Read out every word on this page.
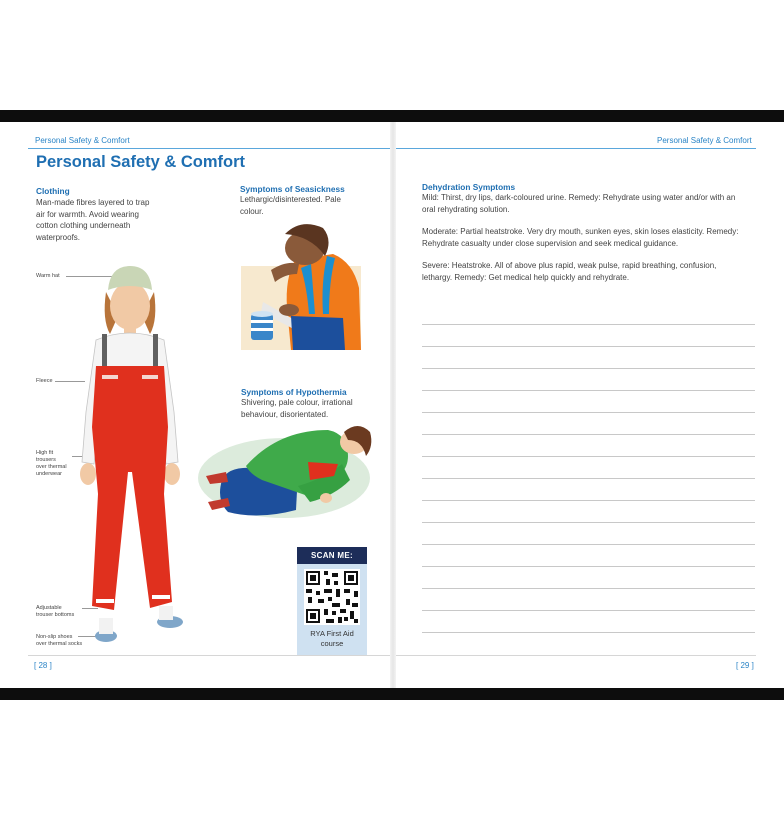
Personal Safety & Comfort
Personal Safety & Comfort
Clothing
Man-made fibres layered to trap
air for warmth. Avoid wearing
cotton clothing underneath
waterproofs.
Warm hat
Fleece
High fit
trousers
over thermal
underwear
Adjustable
trouser bottoms
Non-slip shoes
over thermal socks
Symptoms of Seasickness
Lethargic/disinterested. Pale
colour.
Symptoms of Hypothermia
Shivering, pale colour, irrational
behaviour, disorientated.
SCAN ME:
RYA First Aid
course
[ 28 ]
Personal Safety & Comfort
Dehydration Symptoms
Mild: Thirst, dry lips, dark-coloured urine. Remedy: Rehydrate using water and/or with an
oral rehydrating solution.
Moderate: Partial heatstroke. Very dry mouth, sunken eyes, skin loses elasticity. Remedy:
Rehydrate casualty under close supervision and seek medical guidance.
Severe: Heatstroke. All of above plus rapid, weak pulse, rapid breathing, confusion,
lethargy. Remedy: Get medical help quickly and rehydrate.
[ 29 ]
